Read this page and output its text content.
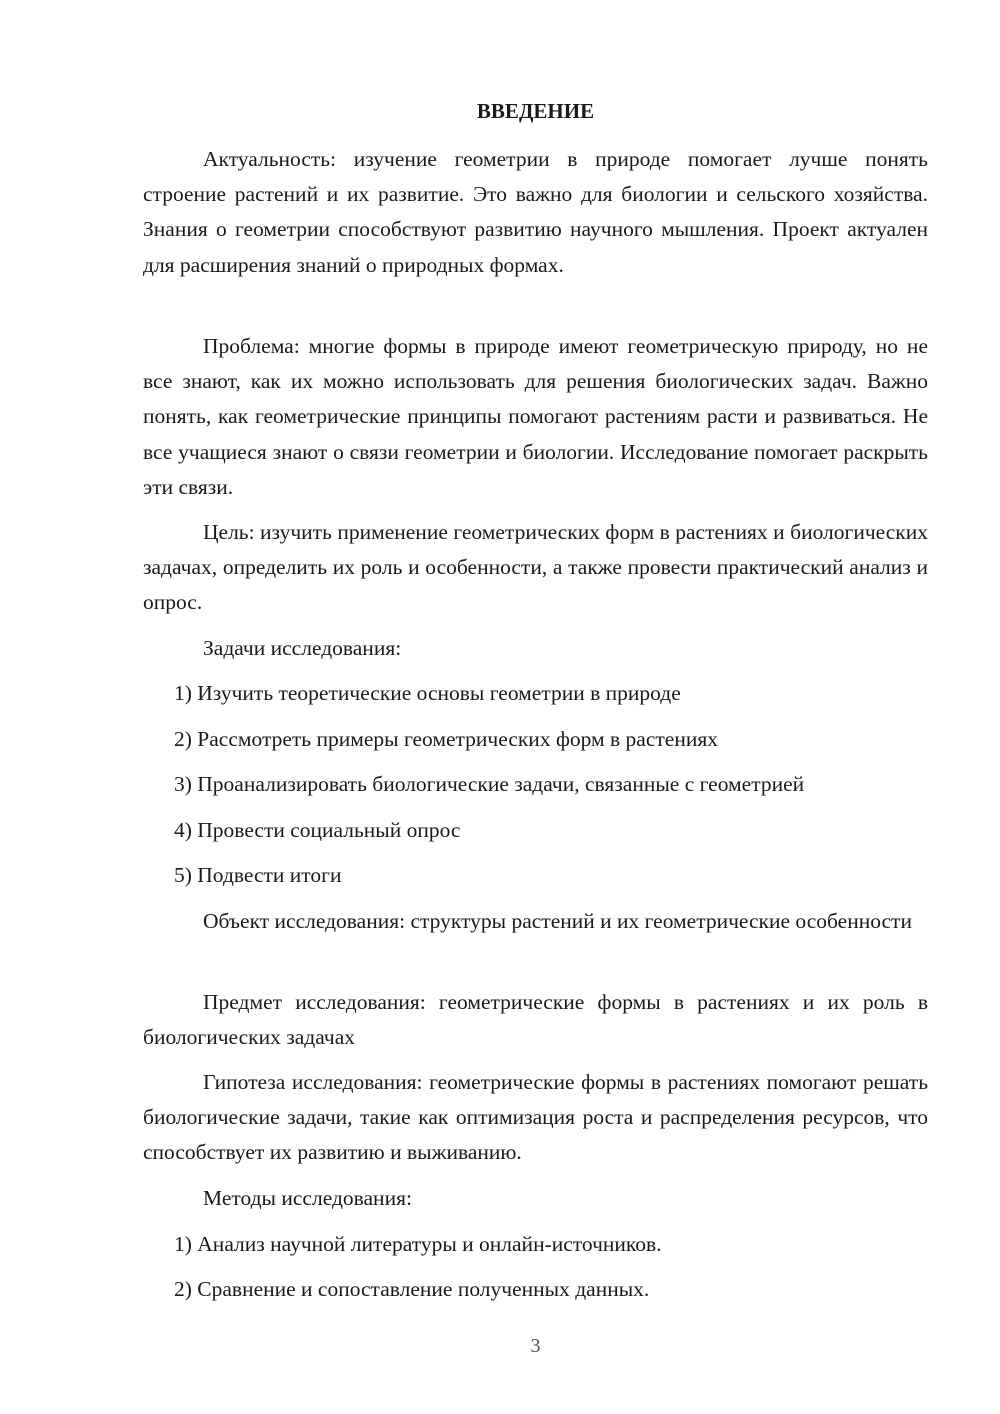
ВВЕДЕНИЕ

Актуальность: изучение геометрии в природе помогает лучше понять строение растений и их развитие. Это важно для биологии и сельского хозяйства. Знания о геометрии способствуют развитию научного мышления. Проект актуален для расширения знаний о природных формах.

Проблема: многие формы в природе имеют геометрическую природу, но не все знают, как их можно использовать для решения биологических задач. Важно понять, как геометрические принципы помогают растениям расти и развиваться. Не все учащиеся знают о связи геометрии и биологии. Исследование помогает раскрыть эти связи.

Цель: изучить применение геометрических форм в растениях и биологических задачах, определить их роль и особенности, а также провести практический анализ и опрос.

Задачи исследования:

1) Изучить теоретические основы геометрии в природе

2) Рассмотреть примеры геометрических форм в растениях

3) Проанализировать биологические задачи, связанные с геометрией

4) Провести социальный опрос

5) Подвести итоги

Объект исследования: структуры растений и их геометрические особенности

Предмет исследования: геометрические формы в растениях и их роль в биологических задачах

Гипотеза исследования: геометрические формы в растениях помогают решать биологические задачи, такие как оптимизация роста и распределения ресурсов, что способствует их развитию и выживанию.

Методы исследования:

1) Анализ научной литературы и онлайн-источников.

2) Сравнение и сопоставление полученных данных.

3
